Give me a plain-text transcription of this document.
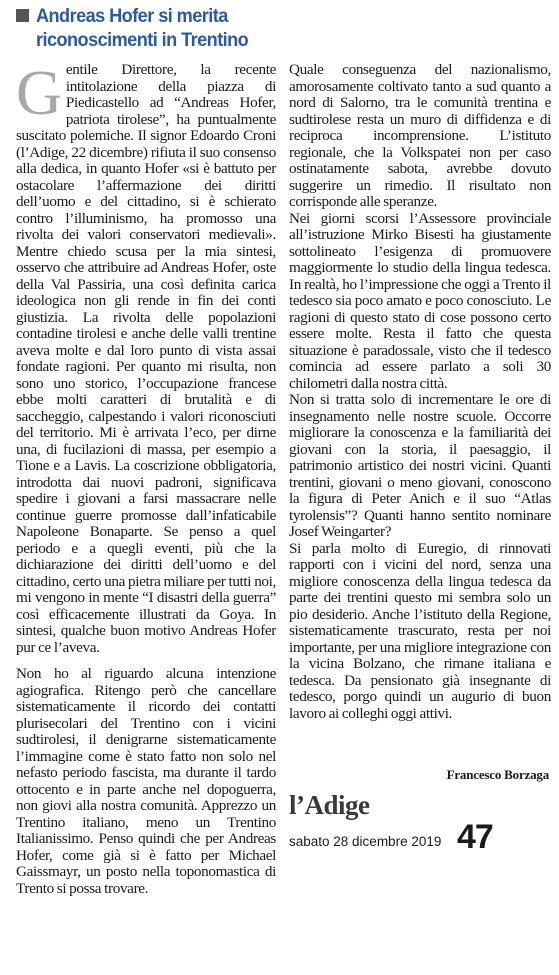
Andreas Hofer si merita
riconoscimenti in Trentino

Gentile Direttore, la recente intitolazione della piazza di Piedicastello ad “Andreas Hofer, patriota tirolese”, ha puntualmente suscitato polemiche. Il signor Edoardo Croni (l’Adige, 22 dicembre) rifiuta il suo consenso alla dedica, in quanto Hofer «si è battuto per ostacolare l’affermazione dei diritti dell’uomo e del cittadino, si è schierato contro l’illuminismo, ha promosso una rivolta dei valori conservatori medievali». Mentre chiedo scusa per la mia sintesi, osservo che attribuire ad Andreas Hofer, oste della Val Passiria, una così definita carica ideologica non gli rende in fin dei conti giustizia. La rivolta delle popolazioni contadine tirolesi e anche delle valli trentine aveva molte e dal loro punto di vista assai fondate ragioni. Per quanto mi risulta, non sono uno storico, l’occupazione francese ebbe molti caratteri di brutalità e di saccheggio, calpestando i valori riconosciuti del territorio. Mi è arrivata l’eco, per dirne una, di fucilazioni di massa, per esempio a Tione e a Lavis. La coscrizione obbligatoria, introdotta dai nuovi padroni, significava spedire i giovani a farsi massacrare nelle continue guerre promosse dall’infaticabile Napoleone Bonaparte. Se penso a quel periodo e a quegli eventi, più che la dichiarazione dei diritti dell’uomo e del cittadino, certo una pietra miliare per tutti noi, mi vengono in mente “I disastri della guerra” così efficacemente illustrati da Goya. In sintesi, qualche buon motivo Andreas Hofer pur ce l’aveva.

Non ho al riguardo alcuna intenzione agiografica. Ritengo però che cancellare sistematicamente il ricordo dei contatti plurisecolari del Trentino con i vicini sudtirolesi, il denigrarne sistematicamente l’immagine come è stato fatto non solo nel nefasto periodo fascista, ma durante il tardo ottocento e in parte anche nel dopoguerra, non giovi alla nostra comunità. Apprezzo un Trentino italiano, meno un Trentino Italianissimo. Penso quindi che per Andreas Hofer, come già si è fatto per Michael Gaissmayr, un posto nella toponomastica di Trento si possa trovare.

Quale conseguenza del nazionalismo, amorosamente coltivato tanto a sud quanto a nord di Salorno, tra le comunità trentina e sudtirolese resta un muro di diffidenza e di reciproca incomprensione. L’istituto regionale, che la Volkspatei non per caso ostinatamente sabota, avrebbe dovuto suggerire un rimedio. Il risultato non corrisponde alle speranze.

Nei giorni scorsi l’Assessore provinciale all’istruzione Mirko Bisesti ha giustamente sottolineato l’esigenza di promuovere maggiormente lo studio della lingua tedesca. In realtà, ho l’impressione che oggi a Trento il tedesco sia poco amato e poco conosciuto. Le ragioni di questo stato di cose possono certo essere molte. Resta il fatto che questa situazione è paradossale, visto che il tedesco comincia ad essere parlato a soli 30 chilometri dalla nostra città.

Non si tratta solo di incrementare le ore di insegnamento nelle nostre scuole. Occorre migliorare la conoscenza e la familiarità dei giovani con la storia, il paesaggio, il patrimonio artistico dei nostri vicini. Quanti trentini, giovani o meno giovani, conoscono la figura di Peter Anich e il suo “Atlas tyrolensis”? Quanti hanno sentito nominare Josef Weingarter?

Si parla molto di Euregio, di rinnovati rapporti con i vicini del nord, senza una migliore conoscenza della lingua tedesca da parte dei trentini questo mi sembra solo un pio desiderio. Anche l’istituto della Regione, sistematicamente trascurato, resta per noi importante, per una migliore integrazione con la vicina Bolzano, che rimane italiana e tedesca. Da pensionato già insegnante di tedesco, porgo quindi un augurio di buon lavoro ai colleghi oggi attivi.

Francesco Borzaga
l’Adige
sabato 28 dicembre 2019 47
